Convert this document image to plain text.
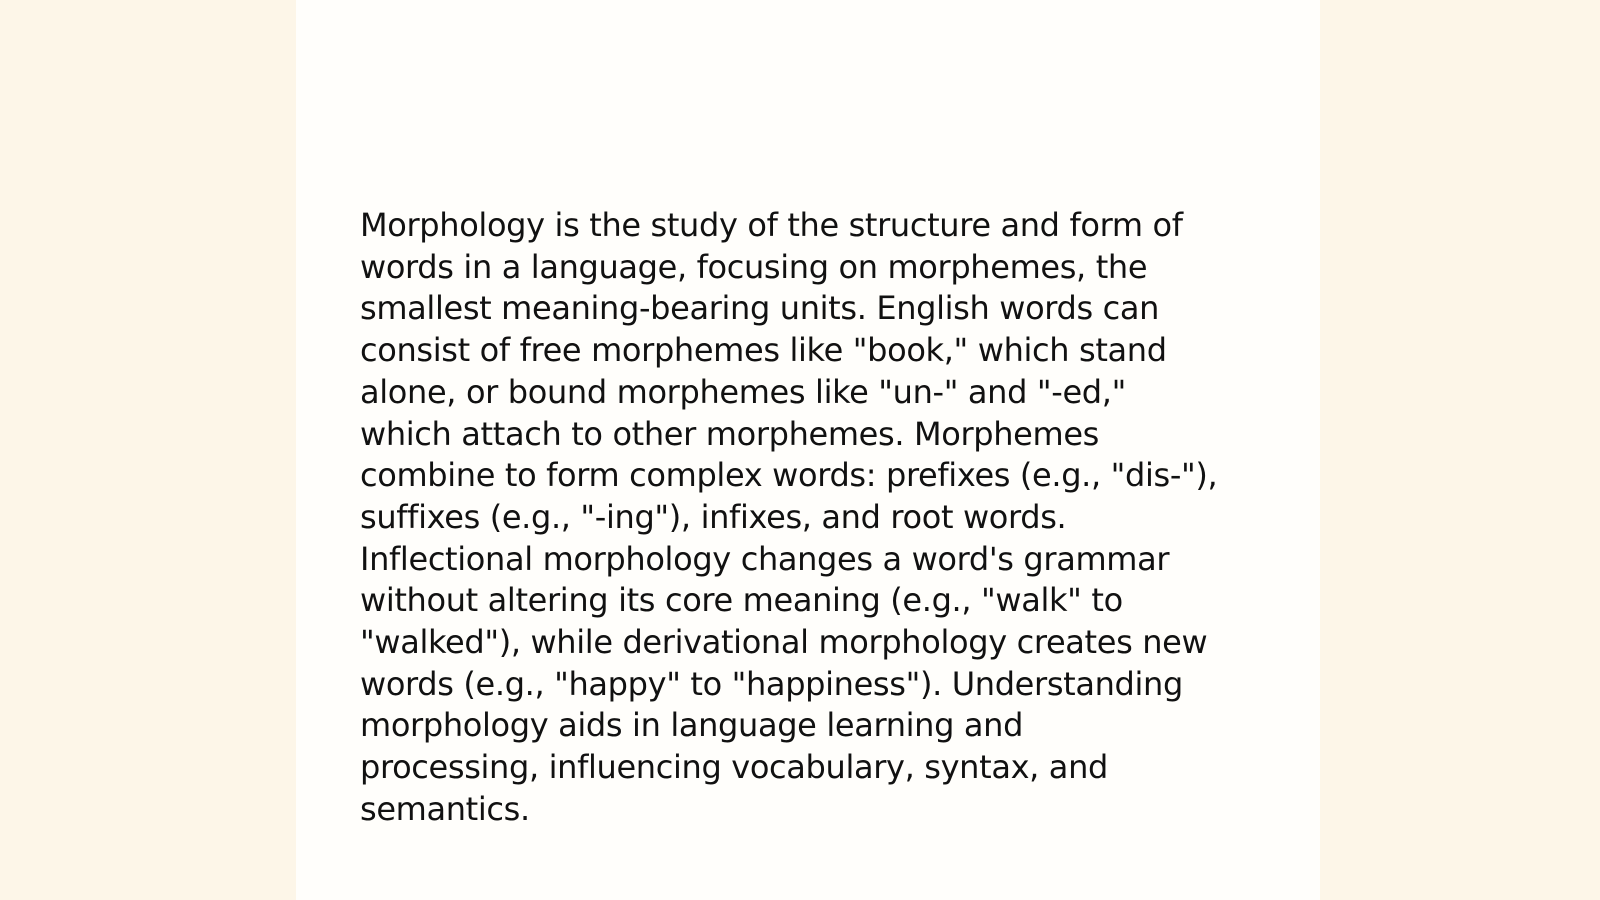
Morphology is the study of the structure and form of
words in a language, focusing on morphemes, the
smallest meaning-bearing units. English words can
consist of free morphemes like "book," which stand
alone, or bound morphemes like "un-" and "-ed,"
which attach to other morphemes. Morphemes
combine to form complex words: prefixes (e.g., "dis-"),
suffixes (e.g., "-ing"), infixes, and root words.
Inflectional morphology changes a word's grammar
without altering its core meaning (e.g., "walk" to
"walked"), while derivational morphology creates new
words (e.g., "happy" to "happiness"). Understanding
morphology aids in language learning and
processing, influencing vocabulary, syntax, and
semantics.
